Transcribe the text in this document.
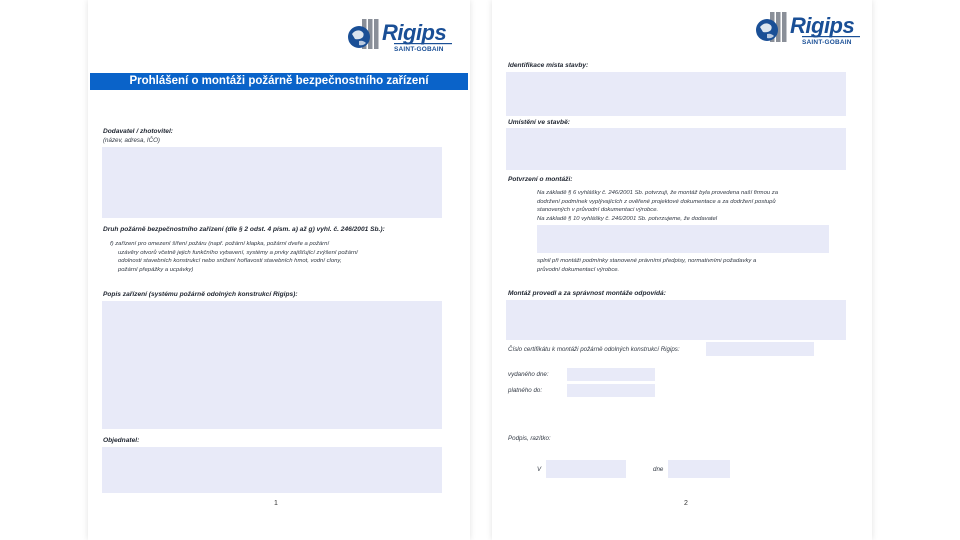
Rigips
SAINT-GOBAIN
Prohlášení o montáži požárně bezpečnostního zařízení
Dodavatel / zhotovitel:
(název, adresa, IČO)
Druh požárně bezpečnostního zařízení (dle § 2 odst. 4 písm. a) až g) vyhl. č. 246/2001 Sb.):
f) zařízení pro omezení šíření požáru (např. požární klapka, požární dveře a požární
uzávěry otvorů včetně jejich funkčního vybavení, systémy a prvky zajišťující zvýšení požární
odolnosti stavebních konstrukcí nebo snížení hořlavosti stavebních hmot, vodní clony,
požární přepážky a ucpávky)
Popis zařízení (systému požárně odolných konstrukcí Rigips):
Objednatel:
1
Rigips
SAINT-GOBAIN
Identifikace místa stavby:
Umístění ve stavbě:
Potvrzení o montáži:
Na základě § 6 vyhlášky č. 246/2001 Sb. potvrzuji, že montáž byla provedena naší firmou za
dodržení podmínek vyplývajících z ověřené projektové dokumentace a za dodržení postupů
stanovených v průvodní dokumentaci výrobce.
Na základě § 10 vyhlášky č. 246/2001 Sb. potvrzujeme, že dodavatel
splnil při montáži podmínky stanovené právními předpisy, normativními požadavky a
průvodní dokumentací výrobce.
Montáž provedl a za správnost montáže odpovídá:
Číslo certifikátu k montáži požárně odolných konstrukcí Rigips:
vydaného dne:
platného do:
Podpis, razítko:
V	dne
2
